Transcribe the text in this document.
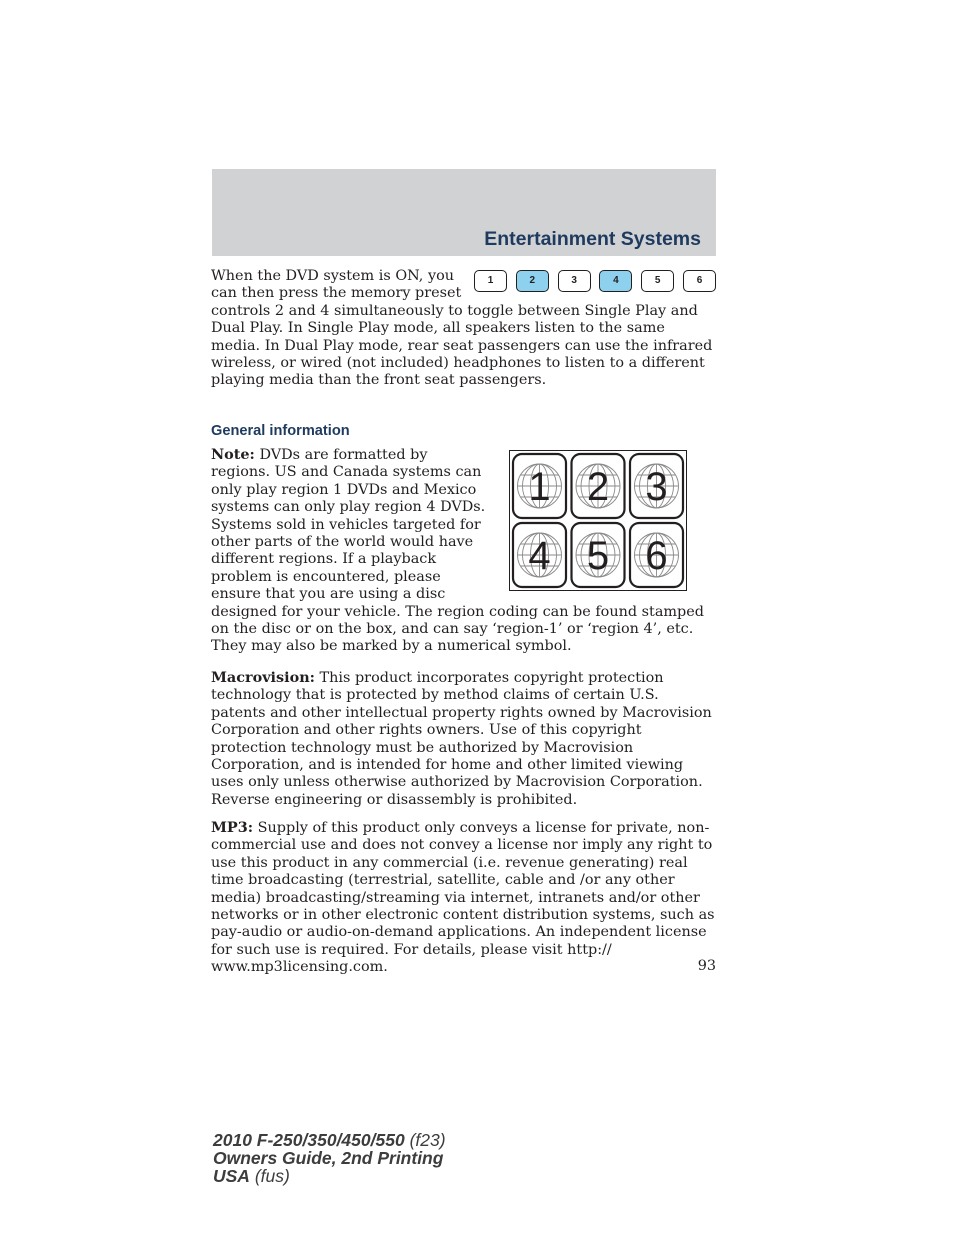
Entertainment Systems
1	2	3	4	5	6
When the DVD system is ON, you can then press the memory preset controls 2 and 4 simultaneously to toggle between Single Play and Dual Play. In Single Play mode, all speakers listen to the same media. In Dual Play mode, rear seat passengers can use the infrared wireless, or wired (not included) headphones to listen to a different playing media than the front seat passengers.
General information
1 2 3
4 5 6
Note: DVDs are formatted by regions. US and Canada systems can only play region 1 DVDs and Mexico systems can only play region 4 DVDs. Systems sold in vehicles targeted for other parts of the world would have different regions. If a playback problem is encountered, please ensure that you are using a disc designed for your vehicle. The region coding can be found stamped on the disc or on the box, and can say ‘region-1’ or ‘region 4’, etc. They may also be marked by a numerical symbol.

Macrovision: This product incorporates copyright protection technology that is protected by method claims of certain U.S. patents and other intellectual property rights owned by Macrovision Corporation and other rights owners. Use of this copyright protection technology must be authorized by Macrovision Corporation, and is intended for home and other limited viewing uses only unless otherwise authorized by Macrovision Corporation. Reverse engineering or disassembly is prohibited.

MP3: Supply of this product only conveys a license for private, non-commercial use and does not convey a license nor imply any right to use this product in any commercial (i.e. revenue generating) real time broadcasting (terrestrial, satellite, cable and /or any other media) broadcasting/streaming via internet, intranets and/or other networks or in other electronic content distribution systems, such as pay-audio or audio-on-demand applications. An independent license for such use is required. For details, please visit http:// www.mp3licensing.com.	93
2010 F-250/350/450/550 (f23)
Owners Guide, 2nd Printing
USA (fus)
